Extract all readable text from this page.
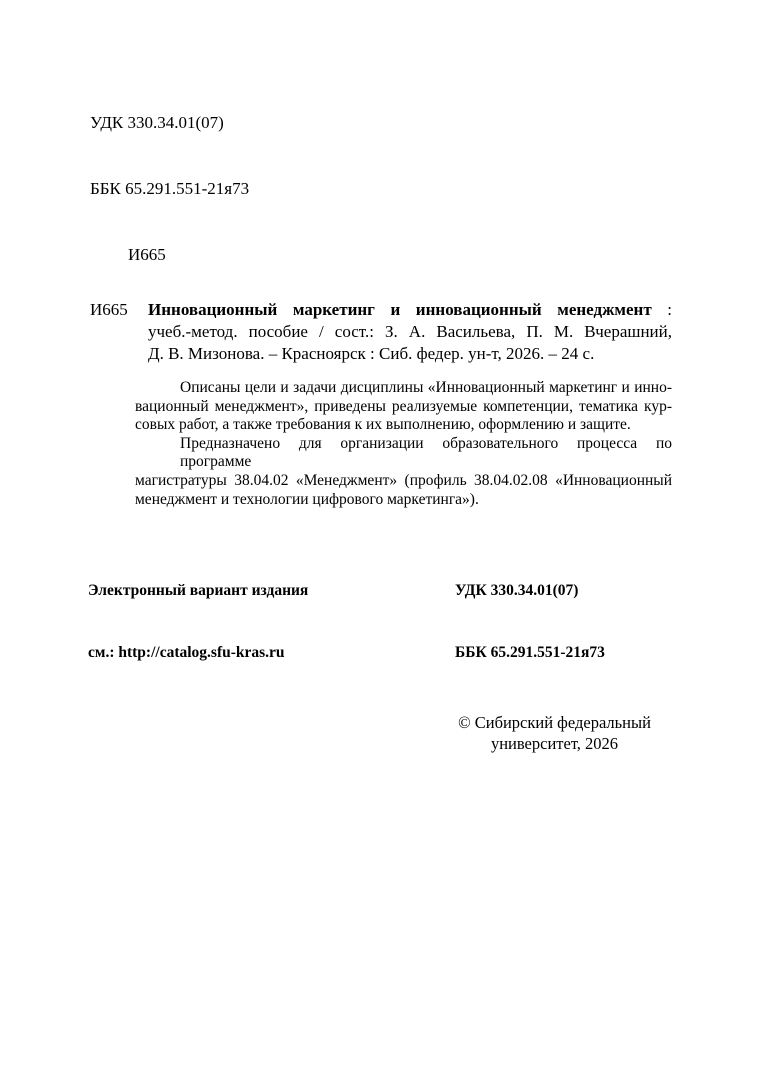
УДК 330.34.01(07)

ББК 65.291.551-21я73

И665

И665 Инновационный маркетинг и инновационный менеджмент :
учеб.-метод. пособие / сост.: З. А. Васильева, П. М. Вчерашний,
Д. В. Мизонова. – Красноярск : Сиб. федер. ун-т, 2026. – 24 с.
Описаны цели и задачи дисциплины «Инновационный маркетинг и инно-
вационный менеджмент», приведены реализуемые компетенции, тематика кур-
совых работ, а также требования к их выполнению, оформлению и защите.
Предназначено для организации образовательного процесса по программе
магистратуры 38.04.02 «Менеджмент» (профиль 38.04.02.08 «Инновационный
менеджмент и технологии цифрового маркетинга»).

Электронный вариант издания

см.: http://catalog.sfu-kras.ru

УДК 330.34.01(07)

ББК 65.291.551-21я73

© Сибирский федеральный
университет, 2026
